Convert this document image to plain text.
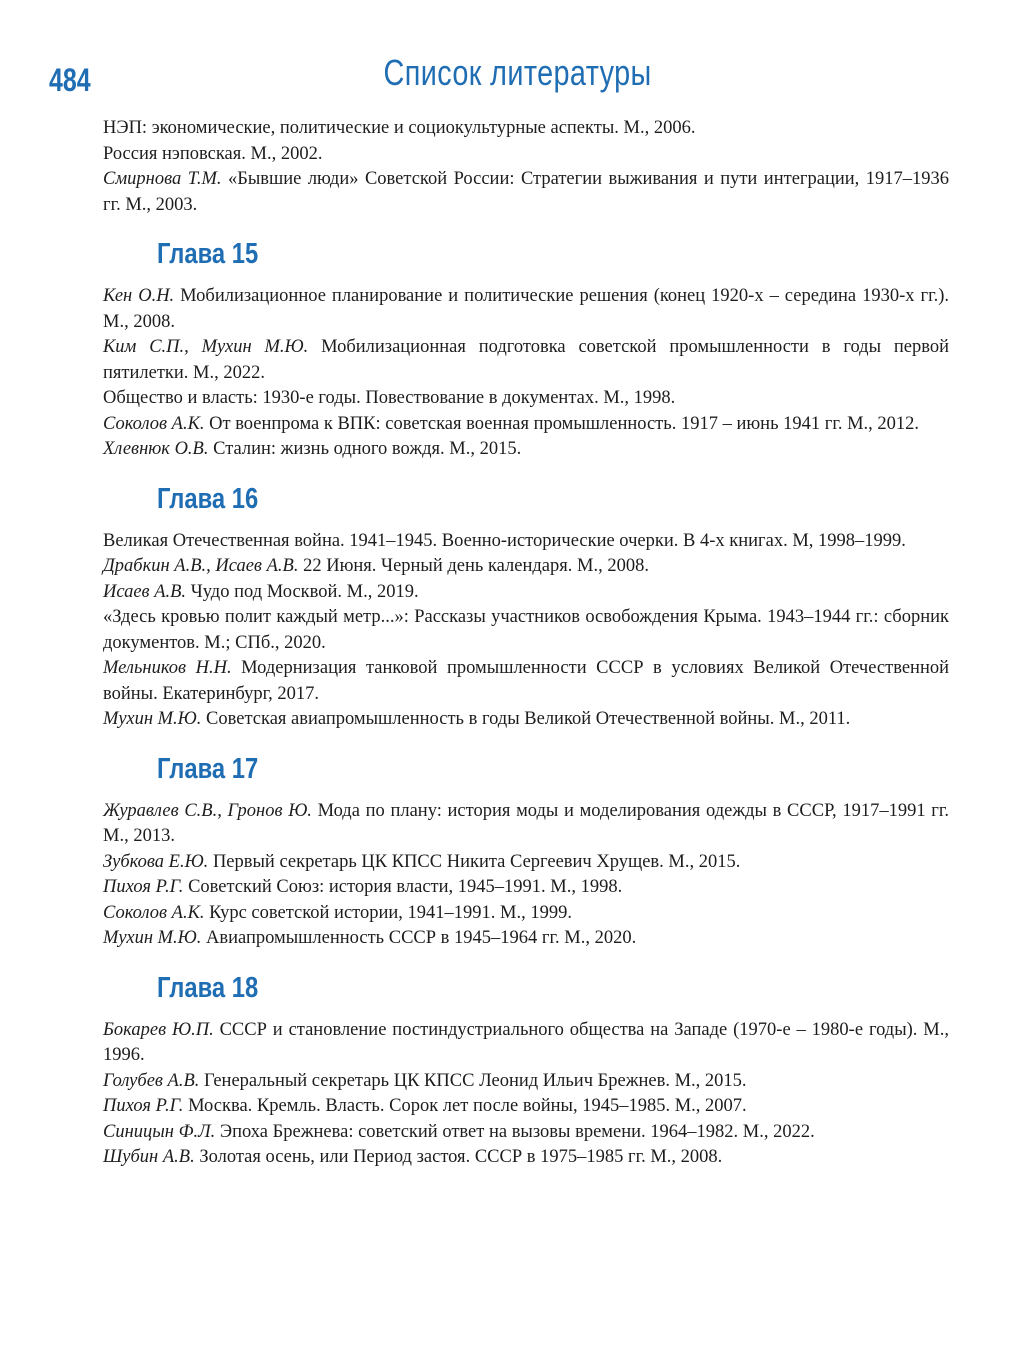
484	Список литературы

НЭП: экономические, политические и социокультурные аспекты. М., 2006.

Россия нэповская. М., 2002.

Смирнова Т.М. «Бывшие люди» Советской России: Стратегии выживания и пути интеграции, 1917–1936 гг. М., 2003.

Глава 15

Кен О.Н. Мобилизационное планирование и политические решения (конец 1920-х – середина 1930-х гг.). М., 2008.

Ким С.П., Мухин М.Ю. Мобилизационная подготовка советской промышленности в годы первой пятилетки. М., 2022.

Общество и власть: 1930-е годы. Повествование в документах. М., 1998.

Соколов А.К. От военпрома к ВПК: советская военная промышленность. 1917 – июнь 1941 гг. М., 2012.

Хлевнюк О.В. Сталин: жизнь одного вождя. М., 2015.

Глава 16

Великая Отечественная война. 1941–1945. Военно-исторические очерки. В 4-х книгах. М, 1998–1999.

Драбкин А.В., Исаев А.В. 22 Июня. Черный день календаря. М., 2008.

Исаев А.В. Чудо под Москвой. М., 2019.

«Здесь кровью полит каждый метр...»: Рассказы участников освобождения Крыма. 1943–1944 гг.: сборник документов. М.; СПб., 2020.

Мельников Н.Н. Модернизация танковой промышленности СССР в условиях Великой Отечественной войны. Екатеринбург, 2017.

Мухин М.Ю. Советская авиапромышленность в годы Великой Отечественной войны. М., 2011.

Глава 17

Журавлев С.В., Гронов Ю. Мода по плану: история моды и моделирования одежды в СССР, 1917–1991 гг. М., 2013.

Зубкова Е.Ю. Первый секретарь ЦК КПСС Никита Сергеевич Хрущев. М., 2015.

Пихоя Р.Г. Советский Союз: история власти, 1945–1991. М., 1998.

Соколов А.К. Курс советской истории, 1941–1991. М., 1999.

Мухин М.Ю. Авиапромышленность СССР в 1945–1964 гг. М., 2020.

Глава 18

Бокарев Ю.П. СССР и становление постиндустриального общества на Западе (1970-е – 1980-е годы). М., 1996.

Голубев А.В. Генеральный секретарь ЦК КПСС Леонид Ильич Брежнев. М., 2015.

Пихоя Р.Г. Москва. Кремль. Власть. Сорок лет после войны, 1945–1985. М., 2007.

Синицын Ф.Л. Эпоха Брежнева: советский ответ на вызовы времени. 1964–1982. М., 2022.

Шубин А.В. Золотая осень, или Период застоя. СССР в 1975–1985 гг. М., 2008.
